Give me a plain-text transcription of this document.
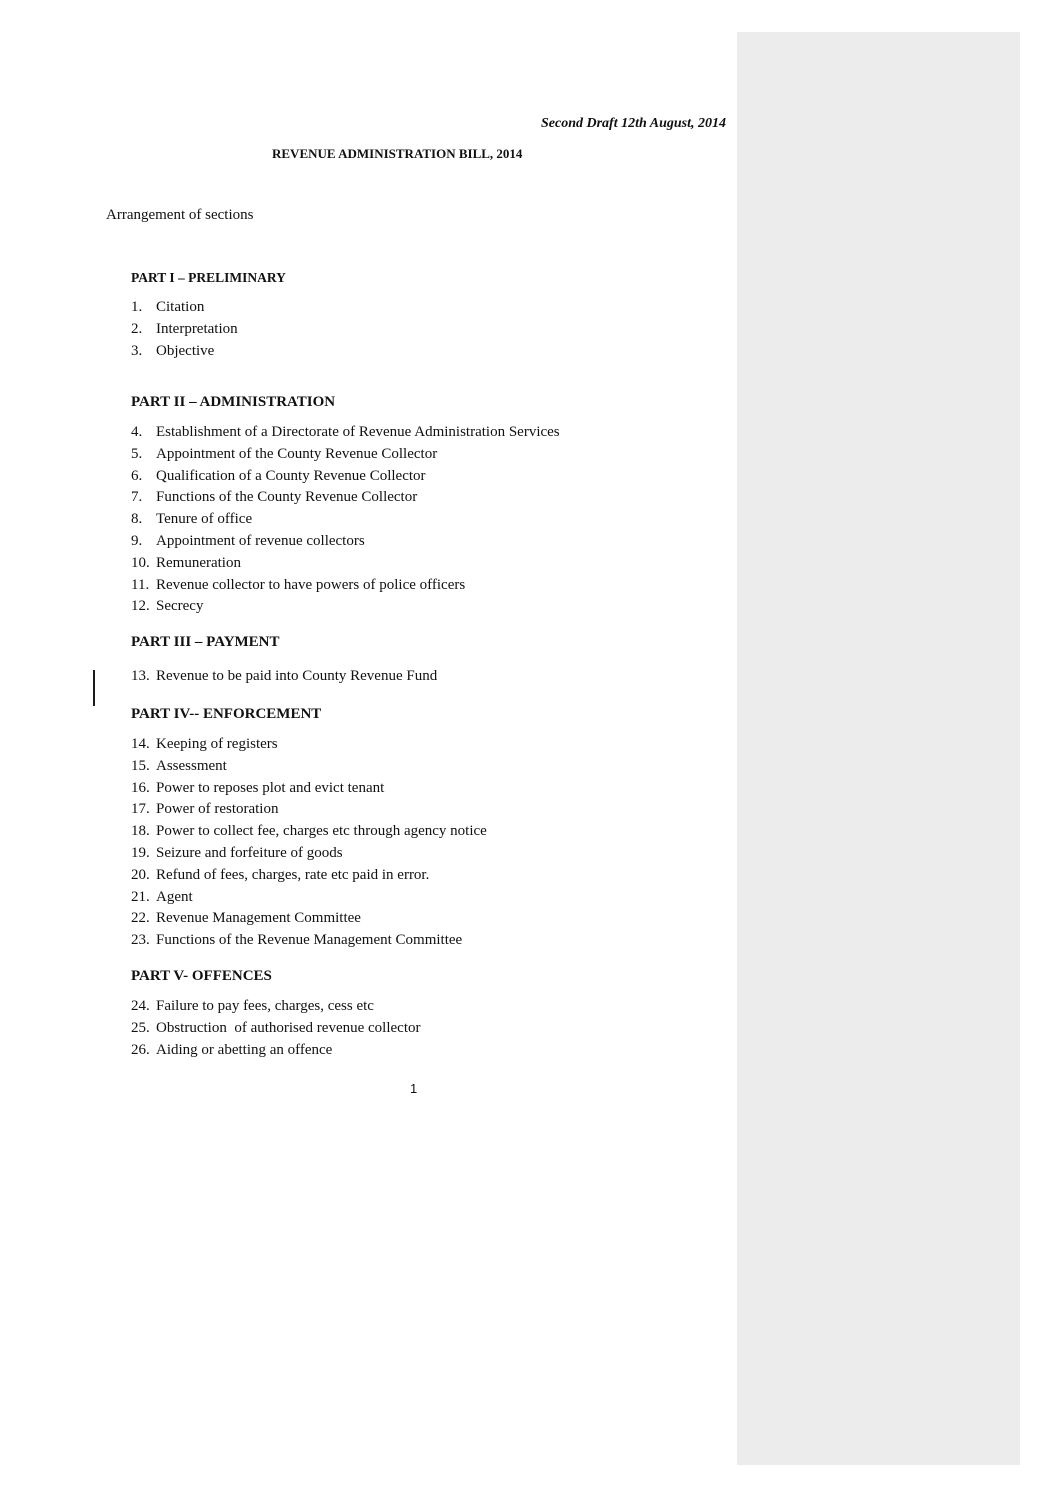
Second Draft 12th August, 2014
REVENUE ADMINISTRATION BILL, 2014
Arrangement of sections
PART I – PRELIMINARY
1. Citation
2. Interpretation
3. Objective
PART II – ADMINISTRATION
4. Establishment of a Directorate of Revenue Administration Services
5. Appointment of the County Revenue Collector
6. Qualification of a County Revenue Collector
7. Functions of the County Revenue Collector
8. Tenure of office
9. Appointment of revenue collectors
10. Remuneration
11. Revenue collector to have powers of police officers
12. Secrecy
PART III – PAYMENT
13. Revenue to be paid into County Revenue Fund
PART IV-- ENFORCEMENT
14. Keeping of registers
15. Assessment
16. Power to reposes plot and evict tenant
17. Power of restoration
18. Power to collect fee, charges etc through agency notice
19. Seizure and forfeiture of goods
20. Refund of fees, charges, rate etc paid in error.
21. Agent
22. Revenue Management Committee
23. Functions of the Revenue Management Committee
PART V- OFFENCES
24. Failure to pay fees, charges, cess etc
25. Obstruction  of authorised revenue collector
26. Aiding or abetting an offence
1
